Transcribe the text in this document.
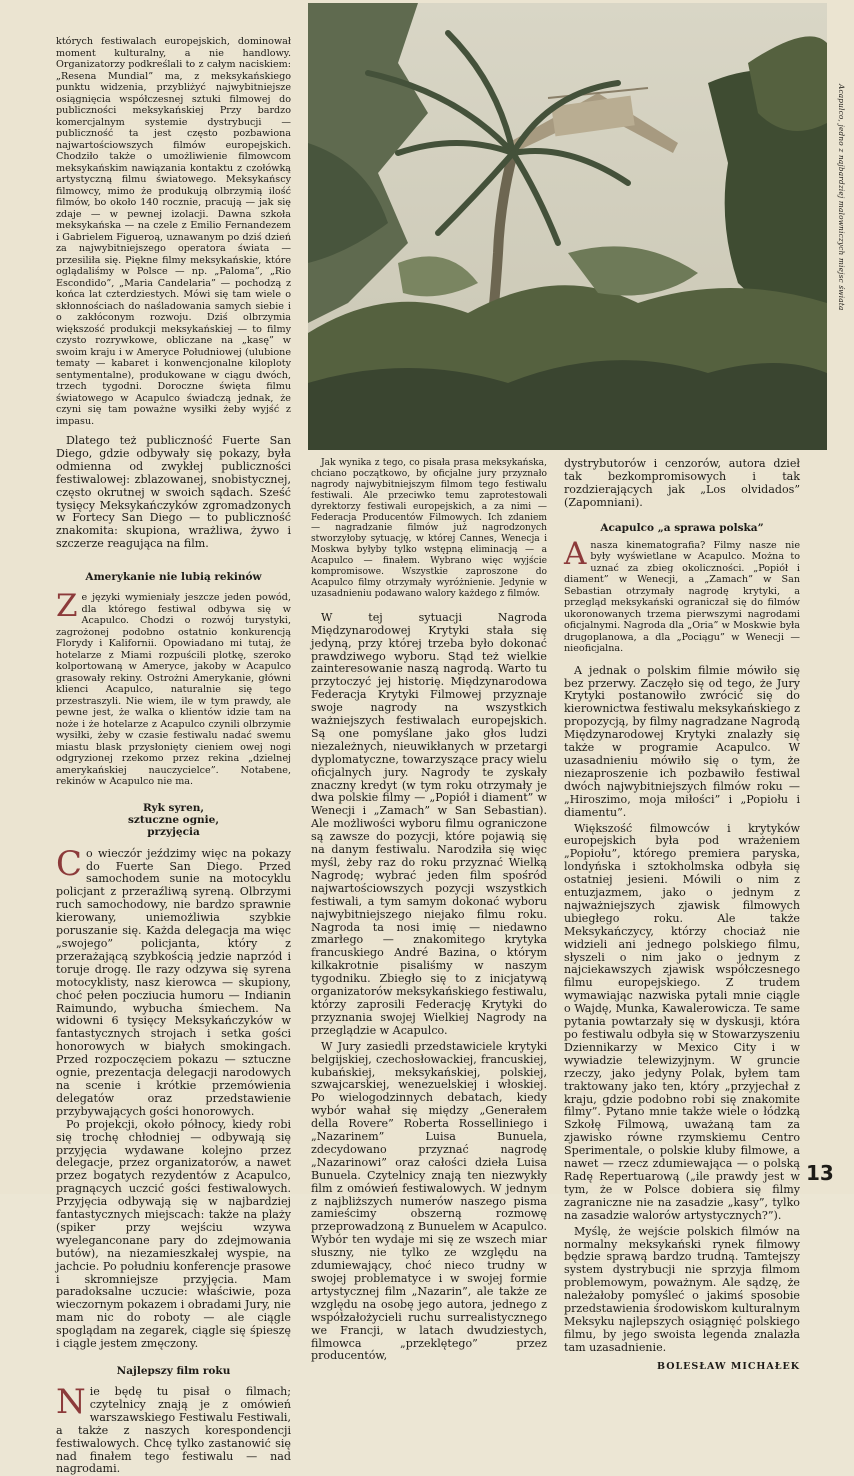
których festiwalach europejskich, dominował moment kulturalny, a nie handlowy. Organizatorzy podkreślali to z całym naciskiem: „Resena Mundial” ma, z meksykańskiego punktu widzenia, przybliżyć najwybitniejsze osiągnięcia współczesnej sztuki filmowej do publiczności meksykańskiej Przy bardzo komercjalnym systemie dystrybucji — publiczność ta jest często pozbawiona najwartościowszych filmów europejskich. Chodziło także o umożliwienie filmowcom meksykańskim nawiązania kontaktu z czołówką artystyczną filmu światowego. Meksykańscy filmowcy, mimo że produkują olbrzymią ilość filmów, bo około 140 rocznie, pracują — jak się zdaje — w pewnej izolacji. Dawna szkoła meksykańska — na czele z Emilio Fernandezem i Gabrielem Figueroą, uznawanym po dziś dzień za najwybitniejszego operatora świata — przesiliła się. Piękne filmy meksykańskie, które oglądaliśmy w Polsce — np. „Paloma”, „Rio Escondido”, „Maria Candelaria” — pochodzą z końca lat czterdziestych. Mówi się tam wiele o skłonnościach do naśladowania samych siebie i o zakłóconym rozwoju. Dziś olbrzymia większość produkcji meksykańskiej — to filmy czysto rozrywkowe, obliczane na „kasę” w swoim kraju i w Ameryce Południowej (ulubione tematy — kabaret i konwencjonalne kiloploty sentymentalne), produkowane w ciągu dwóch, trzech tygodni. Doroczne święta filmu światowego w Acapulco świadczą jednak, że czyni się tam poważne wysiłki żeby wyjść z impasu.

Dlatego też publiczność Fuerte San Diego, gdzie odbywały się pokazy, była odmienna od zwykłej publiczności festiwalowej: zblazowanej, snobistycznej, często okrutnej w swoich sądach. Sześć tysięcy Meksykańczyków zgromadzonych w Fortecy San Diego — to publiczność znakomita: skupiona, wrażliwa, żywo i szczerze reagująca na film.

Amerykanie nie lubią rekinów

Ze języki wymieniały jeszcze jeden powód, dla którego festiwal odbywa się w Acapulco. Chodzi o rozwój turystyki, zagrożonej podobno ostatnio konkurencją Florydy i Kalifornii. Opowiadano mi tutaj, że hotelarze z Miami rozpuścili plotkę, szeroko kolportowaną w Ameryce, jakoby w Acapulco grasowały rekiny. Ostrożni Amerykanie, główni klienci Acapulco, naturalnie się tego przestraszyli. Nie wiem, ile w tym prawdy, ale pewne jest, że walka o klientów idzie tam na noże i że hotelarze z Acapulco czynili olbrzymie wysiłki, żeby w czasie festiwalu nadać swemu miastu blask przysłonięty cieniem owej nogi odgryzionej rzekomo przez rekina „dzielnej amerykańskiej nauczycielce”. Notabene, rekinów w Acapulco nie ma.

Ryk syren, sztuczne ognie, przyjęcia

Co wieczór jeździmy więc na pokazy do Fuerte San Diego. Przed samochodem sunie na motocyklu policjant z przeraźliwą syreną. Olbrzymi ruch samochodowy, nie bardzo sprawnie kierowany, uniemożliwia szybkie poruszanie się. Każda delegacja ma więc „swojego” policjanta, który z przerażającą szybkością jedzie naprzód i toruje drogę. Ile razy odzywa się syrena motocyklisty, nasz kierowca — skupiony, choć pełen pocziucia humoru — Indianin Raimundo, wybucha śmiechem. Na widowni 6 tysięcy Meksykańczyków w fantastycznych strojach i setka gości honorowych w białych smokingach. Przed rozpoczęciem pokazu — sztuczne ognie, prezentacja delegacji narodowych na scenie i krótkie przemówienia delegatów oraz przedstawienie przybywających gości honorowych.

Po projekcji, około północy, kiedy robi się trochę chłodniej — odbywają się przyjęcia wydawane kolejno przez delegacje, przez organizatorów, a nawet przez bogatych rezydentów z Acapulco, pragnących uczcić gości festiwalowych. Przyjęcia odbywają się w najbardziej fantastycznych miejscach: także na plaży (spiker przy wejściu wzywa wyeleganconane pary do zdejmowania butów), na niezamieszkałej wyspie, na jachcie. Po południu konferencje prasowe i skromniejsze przyjęcia. Mam paradoksalne uczucie: właściwie, poza wieczornym pokazem i obradami Jury, nie mam nic do roboty — ale ciągle spoglądam na zegarek, ciągle się śpieszę i ciągle jestem zmęczony.

Najlepszy film roku

Nie będę tu pisał o filmach; czytelnicy znają je z omówień warszawskiego Festiwalu Festiwali, a także z naszych korespondencji festiwalowych. Chcę tylko zastanowić się nad finałem tego festiwalu — nad nagrodami.

Acapulco, jedno z najbardziej malowniczych miejsc świata

Jak wynika z tego, co pisała prasa meksykańska, chciano początkowo, by oficjalne jury przyznało nagrody najwybitniejszym filmom tego festiwalu festiwali. Ale przeciwko temu zaprotestowali dyrektorzy festiwali europejskich, a za nimi — Federacja Producentów Filmowych. Ich zdaniem — nagradzanie filmów już nagrodzonych stworzyłoby sytuację, w której Cannes, Wenecja i Moskwa byłyby tylko wstępną eliminacją — a Acapulco — finałem. Wybrano więc wyjście kompromisowe. Wszystkie zaproszone do Acapulco filmy otrzymały wyróżnienie. Jedynie w uzasadnieniu podawano walory każdego z filmów.

W tej sytuacji Nagroda Międzynarodowej Krytyki stała się jedyną, przy której trzeba było dokonać prawdziwego wyboru. Stąd też wielkie zainteresowanie naszą nagrodą. Warto tu przytoczyć jej historię. Międzynarodowa Federacja Krytyki Filmowej przyznaje swoje nagrody na wszystkich ważniejszych festiwalach europejskich. Są one pomyślane jako głos ludzi niezależnych, nieuwikłanych w przetargi dyplomatyczne, towarzyszące pracy wielu oficjalnych jury. Nagrody te zyskały znaczny kredyt (w tym roku otrzymały je dwa polskie filmy — „Popiół i diament” w Wenecji i „Zamach” w San Sebastian). Ale możliwości wyboru filmu ograniczone są zawsze do pozycji, które pojawią się na danym festiwalu. Narodziła się więc myśl, żeby raz do roku przyznać Wielką Nagrodę; wybrać jeden film spośród najwartościowszych pozycji wszystkich festiwali, a tym samym dokonać wyboru najwybitniejszego niejako filmu roku. Nagroda ta nosi imię — niedawno zmarłego — znakomitego krytyka francuskiego André Bazina, o którym kilkakrotnie pisaliśmy w naszym tygodniku. Zbiegło się to z inicjatywą organizatorów meksykańskiego festiwalu, którzy zaprosili Federację Krytyki do przyznania swojej Wielkiej Nagrody na przeglądzie w Acapulco.

W Jury zasiedli przedstawiciele krytyki belgijskiej, czechosłowackiej, francuskiej, kubańskiej, meksykańskiej, polskiej, szwajcarskiej, wenezuelskiej i włoskiej. Po wielogodzinnych debatach, kiedy wybór wahał się między „Generałem della Rovere” Roberta Rosselliniego i „Nazarinem” Luisa Bunuela, zdecydowano przyznać nagrodę „Nazarinowi” oraz całości dzieła Luisa Bunuela. Czytelnicy znają ten niezwykły film z omówień festiwalowych. W jednym z najbliższych numerów naszego pisma zamieścimy obszerną rozmowę przeprowadzoną z Bunuelem w Acapulco. Wybór ten wydaje mi się ze wszech miar słuszny, nie tylko ze względu na zdumiewający, choć nieco trudny w swojej problematyce i w swojej formie artystycznej film „Nazarin”, ale także ze względu na osobę jego autora, jednego z współzałożycieli ruchu surrealistycznego we Francji, w latach dwudziestych, filmowca „przeklętego” przez producentów,

dystrybutorów i cenzorów, autora dzieł tak bezkompromisowych i tak rozdzierających jak „Los olvidados” (Zapomniani).

Acapulco „a sprawa polska”

Anasza kinematografia? Filmy nasze nie były wyświetlane w Acapulco. Można to uznać za zbieg okoliczności. „Popiół i diament” w Wenecji, a „Zamach” w San Sebastian otrzymały nagrodę krytyki, a przegląd meksykański ograniczał się do filmów ukoronowanych trzema pierwszymi nagrodami oficjalnymi. Nagroda dla „Oria” w Moskwie była drugoplanowa, a dla „Pociągu” w Wenecji — nieoficjalna.

A jednak o polskim filmie mówiło się bez przerwy. Zaczęło się od tego, że Jury Krytyki postanowiło zwrócić się do kierownictwa festiwalu meksykańskiego z propozycją, by filmy nagradzane Nagrodą Międzynarodowej Krytyki znalazły się także w programie Acapulco. W uzasadnieniu mówiło się o tym, że niezaproszenie ich pozbawiło festiwal dwóch najwybitniejszych filmów roku — „Hiroszimo, moja miłości” i „Popiołu i diamentu”.

Większość filmowców i krytyków europejskich była pod wrażeniem „Popiołu”, którego premiera paryska, londyńska i sztokholmska odbyła się ostatniej jesieni. Mówili o nim z entuzjazmem, jako o jednym z najważniejszych zjawisk filmowych ubiegłego roku. Ale także Meksykańczycy, którzy chociaż nie widzieli ani jednego polskiego filmu, słyszeli o nim jako o jednym z najciekawszych zjawisk współczesnego filmu europejskiego. Z trudem wymawiając nazwiska pytali mnie ciągle o Wajdę, Munka, Kawalerowicza. Te same pytania powtarzały się w dyskusji, która po festiwalu odbyła się w Stowarzyszeniu Dziennikarzy w Mexico City i w wywiadzie telewizyjnym. W gruncie rzeczy, jako jedyny Polak, byłem tam traktowany jako ten, który „przyjechał z kraju, gdzie podobno robi się znakomite filmy”. Pytano mnie także wiele o łódzką Szkołę Filmową, uważaną tam za zjawisko równe rzymskiemu Centro Sperimentale, o polskie kluby filmowe, a nawet — rzecz zdumiewająca — o polską Radę Repertuarową („ile prawdy jest w tym, że w Polsce dobiera się filmy zagraniczne nie na zasadzie „kasy”, tylko na zasadzie walorów artystycznych?”).

Myślę, że wejście polskich filmów na normalny meksykański rynek filmowy będzie sprawą bardzo trudną. Tamtejszy system dystrybucji nie sprzyja filmom problemowym, poważnym. Ale sądzę, że należałoby pomyśleć o jakimś sposobie przedstawienia środowiskom kulturalnym Meksyku najlepszych osiągnięć polskiego filmu, by jego swoista legenda znalazła tam uzasadnienie.

BOLESŁAW MICHAŁEK
13
